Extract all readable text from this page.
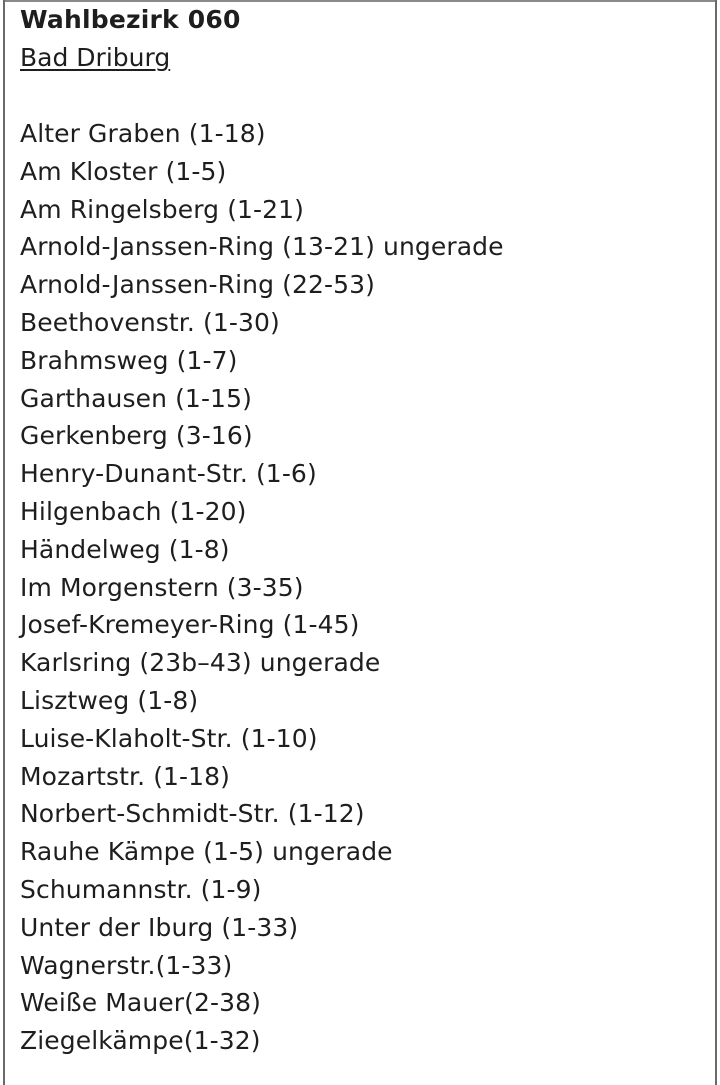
Wahlbezirk 060

Bad Driburg

Alter Graben (1-18)
Am Kloster (1-5)
Am Ringelsberg (1-21)
Arnold-Janssen-Ring (13-21) ungerade
Arnold-Janssen-Ring (22-53)
Beethovenstr. (1-30)
Brahmsweg (1-7)
Garthausen (1-15)
Gerkenberg (3-16)
Henry-Dunant-Str. (1-6)
Hilgenbach (1-20)
Händelweg (1-8)
Im Morgenstern (3-35)
Josef-Kremeyer-Ring (1-45)
Karlsring (23b–43) ungerade
Lisztweg (1-8)
Luise-Klaholt-Str. (1-10)
Mozartstr. (1-18)
Norbert-Schmidt-Str. (1-12)
Rauhe Kämpe (1-5) ungerade
Schumannstr. (1-9)
Unter der Iburg (1-33)
Wagnerstr.(1-33)
Weiße Mauer(2-38)
Ziegelkämpe(1-32)
